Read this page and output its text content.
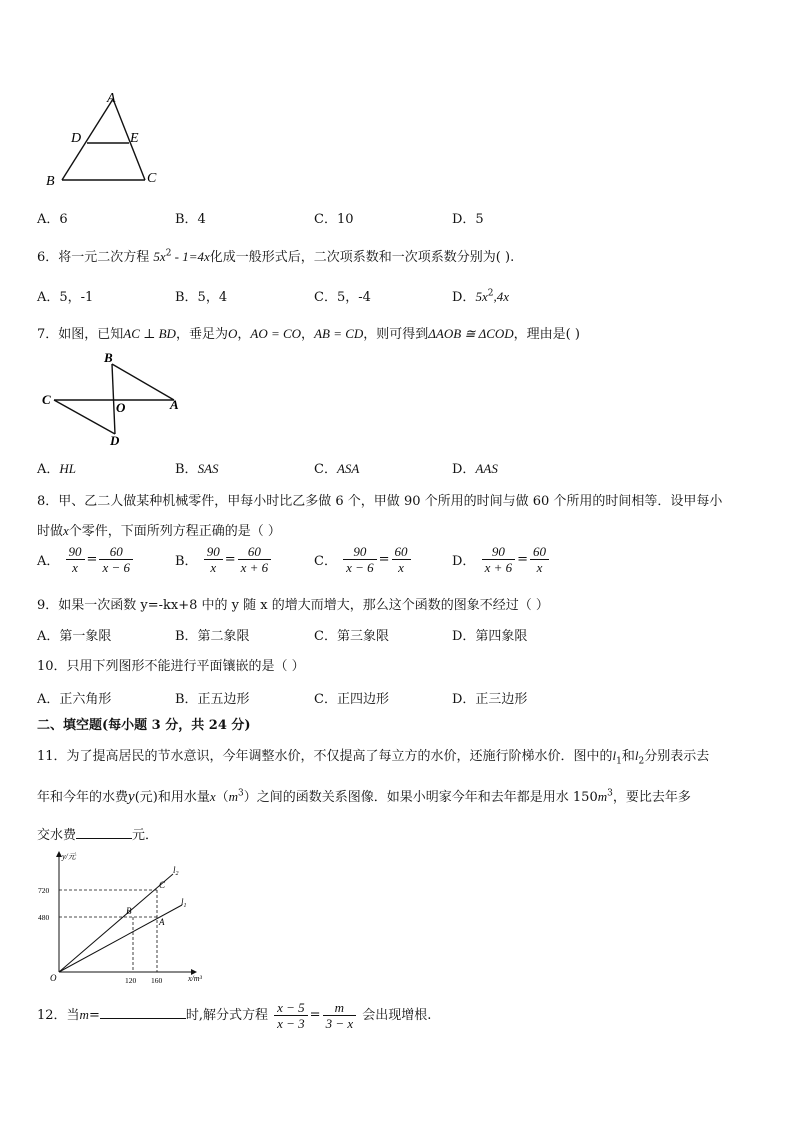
A
D	E
B	C
A．6	B．4	C．10	D．5
6．将一元二次方程 $5x^2 - 1=4x$化成一般形式后，二次项系数和一次项系数分别为( ).
A．5，-1	B．5，4	C．5，-4	D．$5x^2,4x$
7．如图，已知AC ⊥ BD，垂足为O，AO = CO，AB = CD，则可得到ΔAOB ≅ ΔCOD，理由是( )
B
C
O	A
D
A．HL	B．SAS	C．ASA	D．AAS
8．甲、乙二人做某种机械零件，甲每小时比乙多做 6 个，甲做 90 个所用的时间与做 60 个所用的时间相等．设甲每小
时做x个零件，下面所列方程正确的是（ ）
A． $\frac{90}{x} = \frac{60}{x - 6}$	B． $\frac{90}{x} = \frac{60}{x + 6}$	C． $\frac{90}{x - 6} = \frac{60}{x}$	D． $\frac{90}{x + 6} = \frac{60}{x}$
9．如果一次函数 y=-kx+8 中的 y 随 x 的增大而增大，那么这个函数的图象不经过（ ）
A．第一象限	B．第二象限	C．第三象限	D．第四象限
10．只用下列图形不能进行平面镶嵌的是（ ）
A．正六角形	B．正五边形	C．正四边形	D．正三边形
二、填空题(每小题 3 分，共 24 分)
11．为了提高居民的节水意识，今年调整水价，不仅提高了每立方的水价，还施行阶梯水价．图中的$l_1$和$l_2$分别表示去
年和今年的水费y(元)和用水量$x(m^3)$之间的函数关系图像．如果小明家今年和去年都是用水 $150m^3$，要比去年多
交水费	元．
y/元
x/m³
O
720
480
120 160
$l_2$
$l_1$
B
C
A
12．当m=	时,解分式方程 $\frac{x - 5}{x - 3} = \frac{m}{3 - x}$ 会出现增根.
